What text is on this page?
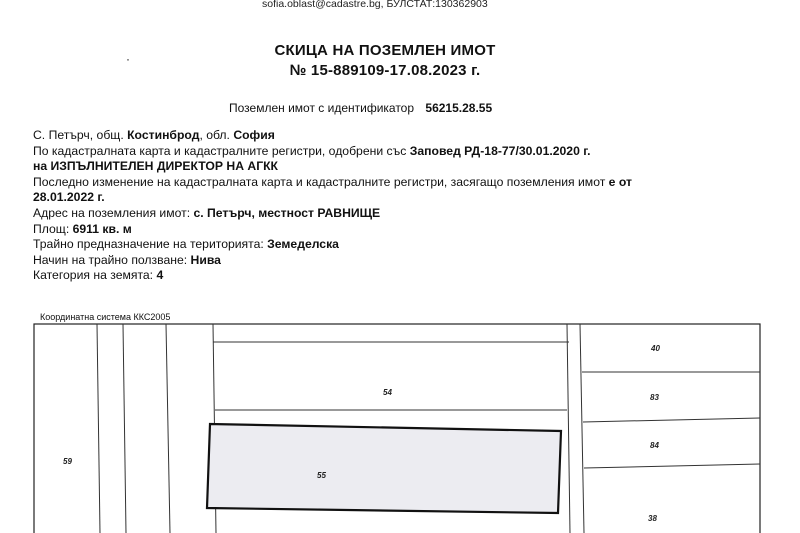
sofia.oblast@cadastre.bg, БУЛСТАТ:130362903
СКИЦА НА ПОЗЕМЛЕН ИМОТ
№ 15-889109-17.08.2023 г.
·
Поземлен имот с идентификатор 56215.28.55
С. Петърч, общ. Костинброд, обл. София
По кадастралната карта и кадастралните регистри, одобрени със Заповед РД-18-77/30.01.2020 г.
на ИЗПЪЛНИТЕЛЕН ДИРЕКТОР НА АГКК
Последно изменение на кадастралната карта и кадастралните регистри, засягащо поземления имот е от
28.01.2022 г.
Адрес на поземления имот: с. Петърч, местност РАВНИЩЕ
Площ: 6911 кв. м
Трайно предназначение на територията: Земеделска
Начин на трайно ползване: Нива
Категория на земята: 4
Координатна система ККС2005
40
54
83
84
59
55
38
